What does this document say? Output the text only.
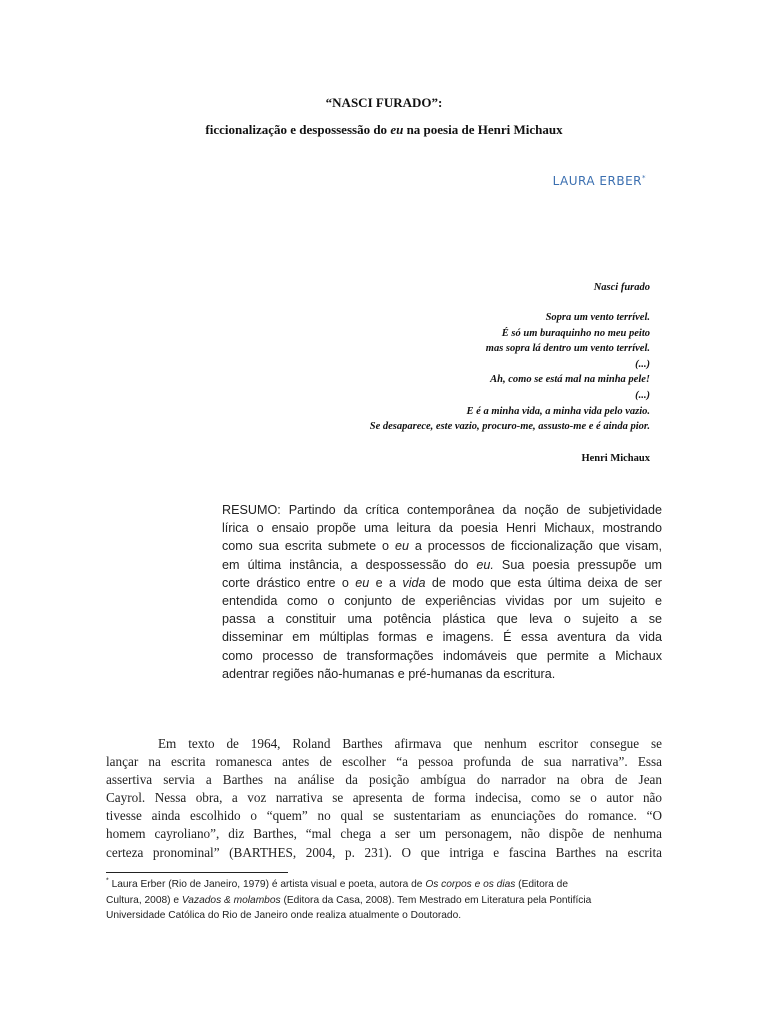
“NASCI FURADO”:
ficcionalização e despossessão do eu na poesia de Henri Michaux
LAURA ERBER*
Nasci furado
Sopra um vento terrível.
É só um buraquinho no meu peito
mas sopra lá dentro um vento terrível.
(...)
Ah, como se está mal na minha pele!
(...)
E é a minha vida, a minha vida pelo vazio.
Se desaparece, este vazio, procuro-me, assusto-me e é ainda pior.
Henri Michaux
RESUMO: Partindo da crítica contemporânea da noção de subjetividade
lírica o ensaio propõe uma leitura da poesia Henri Michaux, mostrando
como sua escrita submete o eu a processos de ficcionalização que visam,
em última instância, a despossessão do eu. Sua poesia pressupõe um
corte drástico entre o eu e a vida de modo que esta última deixa de ser
entendida como o conjunto de experiências vividas por um sujeito e
passa a constituir uma potência plástica que leva o sujeito a se
disseminar em múltiplas formas e imagens. É essa aventura da vida
como processo de transformações indomáveis que permite a Michaux
adentrar regiões não-humanas e pré-humanas da escritura.
Em texto de 1964, Roland Barthes afirmava que nenhum escritor consegue se
lançar na escrita romanesca antes de escolher “a pessoa profunda de sua narrativa”. Essa
assertiva servia a Barthes na análise da posição ambígua do narrador na obra de Jean
Cayrol. Nessa obra, a voz narrativa se apresenta de forma indecisa, como se o autor não
tivesse ainda escolhido o “quem” no qual se sustentariam as enunciações do romance. “O
homem cayroliano”, diz Barthes, “mal chega a ser um personagem, não dispõe de nenhuma
certeza pronominal” (BARTHES, 2004, p. 231). O que intriga e fascina Barthes na escrita
* Laura Erber (Rio de Janeiro, 1979) é artista visual e poeta, autora de Os corpos e os dias (Editora de
Cultura, 2008) e Vazados & molambos (Editora da Casa, 2008). Tem Mestrado em Literatura pela Pontifícia
Universidade Católica do Rio de Janeiro onde realiza atualmente o Doutorado.
